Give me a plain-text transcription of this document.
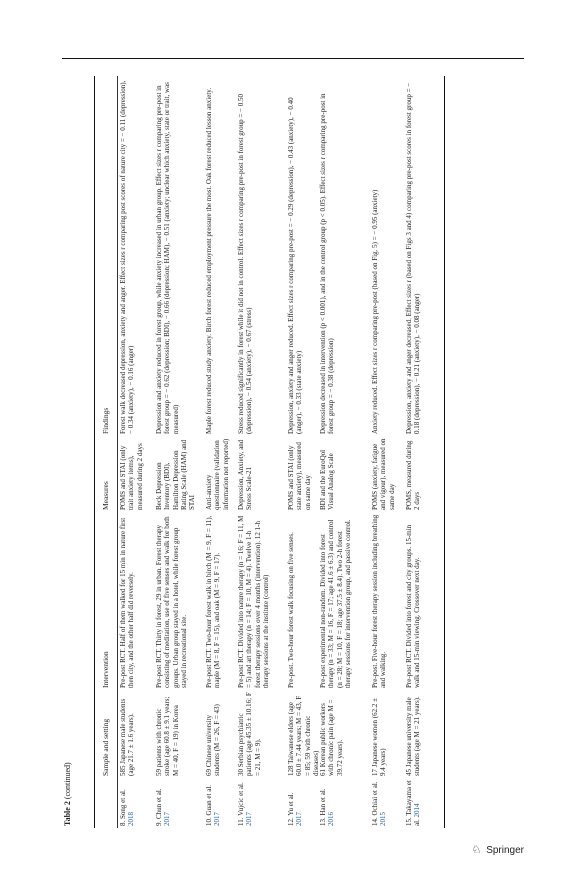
Table 2 (continued)
Sample and setting
Intervention
Measures
Findings
8. Song et al. 2018
585 Japanese male students (age 21.7 ± 1.6 years).
Pre-post RCT. Half of them walked for 15 min in nature first then city, and the other half did reversely.
POMS and STAI (only trait anxiety items), measured during 2 days
Forest walk decreased depression, anxiety and anger. Effect sizes r comparing post scores of nature city = − 0.11 (depression), − 0.34 (anxiety), − 0.16 (anger)
9. Chun et al. 2017
59 patients with chronic stroke (age 60.8 ± 9.1 years; M = 40, F = 19) in Korea
Pre-post RCT. Thirty in forest, 29 in urban. Forest therapy consisting of meditation, use of five senses and walk for both groups. Urban group stayed in a hotel, while forest group stayed in recreational site.
Beck Depression Inventory (BDI), Hamilton Depression Rating Scale (HAM) and STAI
Depression and anxiety reduced in forest group, while anxiety increased in urban group. Effect sizes r comparing pre-post in forest group = − 0.62 (depression; BDI), − 0.66 (depression; HAM), − 0.51 (anxiety; unclear which anxiety, state or trait, was measured)
10. Guan et al. 2017
69 Chinese university students (M = 26, F = 43)
Pre-post RCT. Two-hour forest walk in birch (M = 9, F = 11), maple (M = 8, F = 15), and oak (M = 9, F = 17).
Anti-anxiety questionnaire (validation information not reported)
Maple forest reduced study anxiety. Birch forest reduced employment pressure the most. Oak forest reduced lesson anxiety.
11. Vujcic et al. 2017
30 Serbian psychiatric patients (age 45.35 ± 10.16; F = 21, M = 9).
Pre-post RCT. Divided into nature therapy (n = 16; F = 11, M = 5) and art therapy (n = 14; F = 10, M = 4). Twelve 1-h forest therapy sessions over 4 months (intervention). 12 1-h therapy sessions at the institute (control)
Depression, Anxiety, and Stress Scale-21
Stress reduced significantly in forest while it did not in control. Effect sizes r comparing pre-post in forest group = − 0.50 (depression), − 0.54 (anxiety), − 0.67 (stress)
12. Yu et al. 2017
128 Taiwanese elders (age 60.0 ± 7.44 years; M = 43, F = 85; 59 with chronic diseases)
Pre-post. Two-hour forest walk focusing on five senses.
POMS and STAI (only state anxiety), measured on same day
Depression, anxiety and anger reduced. Effect sizes r comparing pre-post = − 0.29 (depression), − 0.43 (anxiety), − 0.40 (anger), − 0.33 (state anxiety)
13. Han et al. 2016
61 Korean public workers with chronic pain (age M = 39.72 years).
Pre-post experimental non-random. Divided into forest therapy (n = 33; M = 16, F = 17; age 41.6 ± 6.3) and control (n = 28; M = 10, F = 18; age 37.5 ± 8.4). Two 2-h forest therapy sessions for intervention group, and passive control.
BDI and the EuroQol Visual Analog Scale
Depression decreased in intervention (p < 0.001), and in the control group (p < 0.05). Effect sizes r comparing pre-post in forest group = − 0.38 (depression)
14. Ochiai et al. 2015
17 Japanese women (62.2 ± 9.4 years)
Pre-post. Five-hour forest therapy session including breathing and walking.
POMS (anxiety, fatigue and vigour), measured on same day
Anxiety reduced. Effect sizes r comparing pre-post (based on Fig. 5) = − 0.95 (anxiety)
15. Takayama et al. 2014
45 Japanese university male students (age M = 21 years).
Pre-post RCT. Divided into forest and city groups. 15-min walk and 15-min viewing. Crossover next day.
POMS, measured during 2 days
Depression, anxiety and anger decreased. Effect sizes r (based on Figs 3 and 4) comparing pre-post scores in forest group = − 0.18 (depression), − 0.21 (anxiety), − 0.08 (anger)
♘ Springer
